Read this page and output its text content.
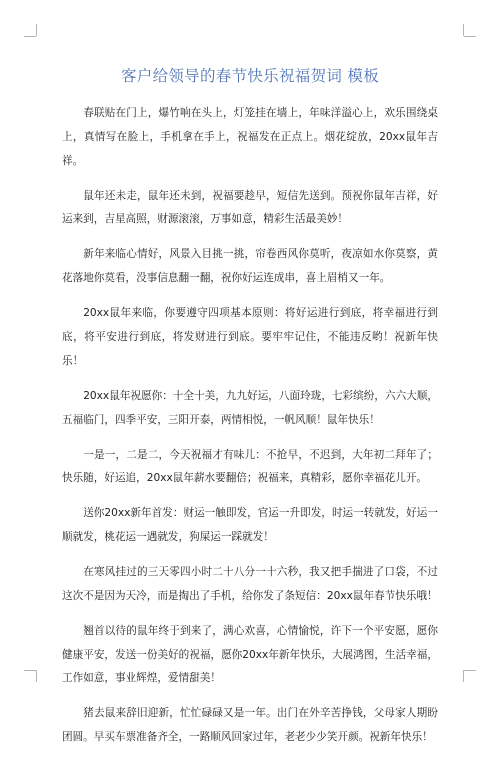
客户给领导的春节快乐祝福贺词 模板

春联贴在门上，爆竹响在头上，灯笼挂在墙上，年味洋溢心上，欢乐围绕桌上，真情写在脸上，手机拿在手上，祝福发在正点上。烟花绽放，20xx鼠年吉祥。

鼠年还未走，鼠年还未到，祝福要趁早，短信先送到。预祝你鼠年吉祥，好运来到，吉星高照，财源滚滚，万事如意，精彩生活最美妙！

新年来临心情好，风景入目挑一挑，帘卷西风你莫听，夜凉如水你莫察，黄花落地你莫看，没事信息翻一翻，祝你好运连成串，喜上眉梢又一年。

20xx鼠年来临，你要遵守四项基本原则：将好运进行到底，将幸福进行到底，将平安进行到底，将发财进行到底。要牢牢记住，不能违反哟！祝新年快乐！

20xx鼠年祝愿你：十全十美，九九好运，八面玲珑，七彩缤纷，六六大顺，五福临门，四季平安，三阳开泰，两情相悦，一帆风顺！鼠年快乐！

一是一，二是二，今天祝福才有味儿：不抢早，不迟到，大年初二拜年了；快乐随，好运追，20xx鼠年薪水要翻倍；祝福来，真精彩，愿你幸福花儿开。

送你20xx新年首发：财运一触即发，官运一升即发，时运一转就发，好运一顺就发，桃花运一遇就发，狗屎运一踩就发！

在寒风挂过的三天零四小时二十八分一十六秒，我又把手揣进了口袋，不过这次不是因为天冷，而是掏出了手机，给你发了条短信：20xx鼠年春节快乐哦！

翘首以待的鼠年终于到来了，满心欢喜，心情愉悦，许下一个平安愿，愿你健康平安，发送一份美好的祝福，愿你20xx年新年快乐，大展鸿图，生活幸福，工作如意，事业辉煌，爱情甜美！

猪去鼠来辞旧迎新，忙忙碌碌又是一年。出门在外辛苦挣钱，父母家人期盼团圆。早买车票准备齐全，一路顺风回家过年，老老少少笑开颜。祝新年快乐！
